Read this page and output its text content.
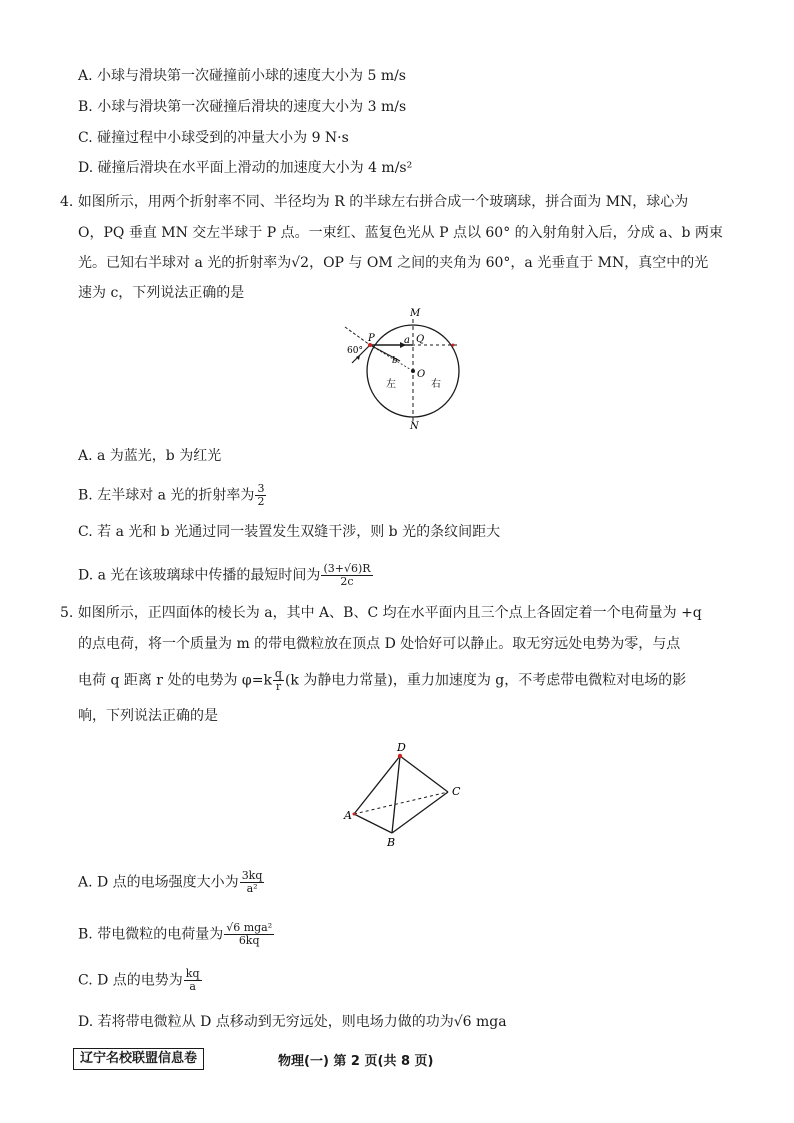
A. 小球与滑块第一次碰撞前小球的速度大小为 5 m/s
B. 小球与滑块第一次碰撞后滑块的速度大小为 3 m/s
C. 碰撞过程中小球受到的冲量大小为 9 N·s
D. 碰撞后滑块在水平面上滑动的加速度大小为 4 m/s²
4. 如图所示，用两个折射率不同、半径均为 R 的半球左右拼合成一个玻璃球，拼合面为 MN，球心为
O，PQ 垂直 MN 交左半球于 P 点。一束红、蓝复色光从 P 点以 60° 的入射角射入后，分成 a、b 两束
光。已知右半球对 a 光的折射率为√2，OP 与 OM 之间的夹角为 60°，a 光垂直于 MN，真空中的光
速为 c，下列说法正确的是
M
N
P	Q
O
a
b
60°
左	右
A. a 为蓝光，b 为红光
B. 左半球对 a 光的折射率为 $\frac{3}{2}$
C. 若 a 光和 b 光通过同一装置发生双缝干涉，则 b 光的条纹间距大
D. a 光在该玻璃球中传播的最短时间为 $\frac{(3+√6)R}{2c}$
5. 如图所示，正四面体的棱长为 a，其中 A、B、C 均在水平面内且三个点上各固定着一个电荷量为 +q
的点电荷，将一个质量为 m 的带电微粒放在顶点 D 处恰好可以静止。取无穷远处电势为零，与点
电荷 q 距离 r 处的电势为 $\varphi=k \frac{q}{r} (k$ 为静电力常量)，重力加速度为 g，不考虑带电微粒对电场的影
响，下列说法正确的是
D
A
B
C
A. D 点的电场强度大小为 $\frac{3kq}{\text{a²}}$
B. 带电微粒的电荷量为 $\frac{\text{√6 mga²}}{6kq}$
C. D 点的电势为 $\frac{kq}{a}$
D. 若将带电微粒从 D 点移动到无穷远处，则电场力做的功为√6 mga
辽宁名校联盟信息卷	物理(一) 第 2 页(共 8 页)
